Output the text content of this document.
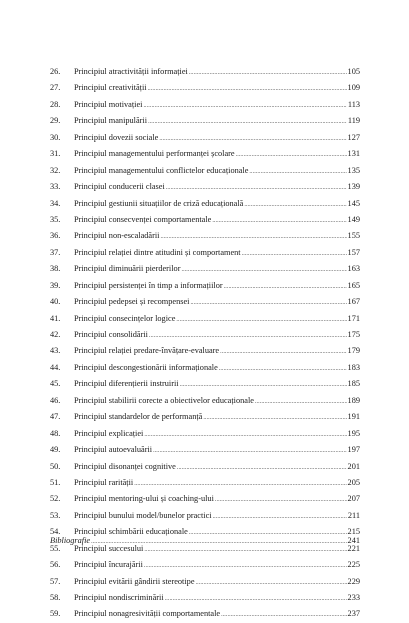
26.	Principiul atractivității informației .....	105
27.	Principiul creativității .....	109
28.	Principiul motivației .....	113
29.	Principiul manipulării .....	119
30.	Principiul dovezii sociale .....	127
31.	Principiul managementului performanței școlare .....	131
32.	Principiul managementului conflictelor educaționale .....	135
33.	Principiul conducerii clasei .....	139
34.	Principiul gestiunii situațiilor de criză educațională .....	145
35.	Principiul consecvenței comportamentale .....	149
36.	Principiul non-escaladării .....	155
37.	Principiul relației dintre atitudini și comportament .....	157
38.	Principiul diminuării pierderilor .....	163
39.	Principiul persistenței în timp a informațiilor .....	165
40.	Principiul pedepsei și recompensei .....	167
41.	Principiul consecințelor logice .....	171
42.	Principiul consolidării .....	175
43.	Principiul relației predare-învățare-evaluare .....	179
44.	Principiul descongestionării informaționale .....	183
45.	Principiul diferențierii instruirii .....	185
46.	Principiul stabilirii corecte a obiectivelor educaționale .....	189
47.	Principiul standardelor de performanță .....	191
48.	Principiul explicației .....	195
49.	Principiul autoevaluării .....	197
50.	Principiul disonanței cognitive .....	201
51.	Principiul rarității .....	205
52.	Principiul mentoring-ului și coaching-ului .....	207
53.	Principiul bunului model/bunelor practici .....	211
54.	Principiul schimbării educaționale .....	215
55.	Principiul succesului .....	221
56.	Principiul încurajării .....	225
57.	Principiul evitării gândirii stereotipe .....	229
58.	Principiul nondiscriminării .....	233
59.	Principiul nonagresivității comportamentale .....	237
Bibliografie .....	241
